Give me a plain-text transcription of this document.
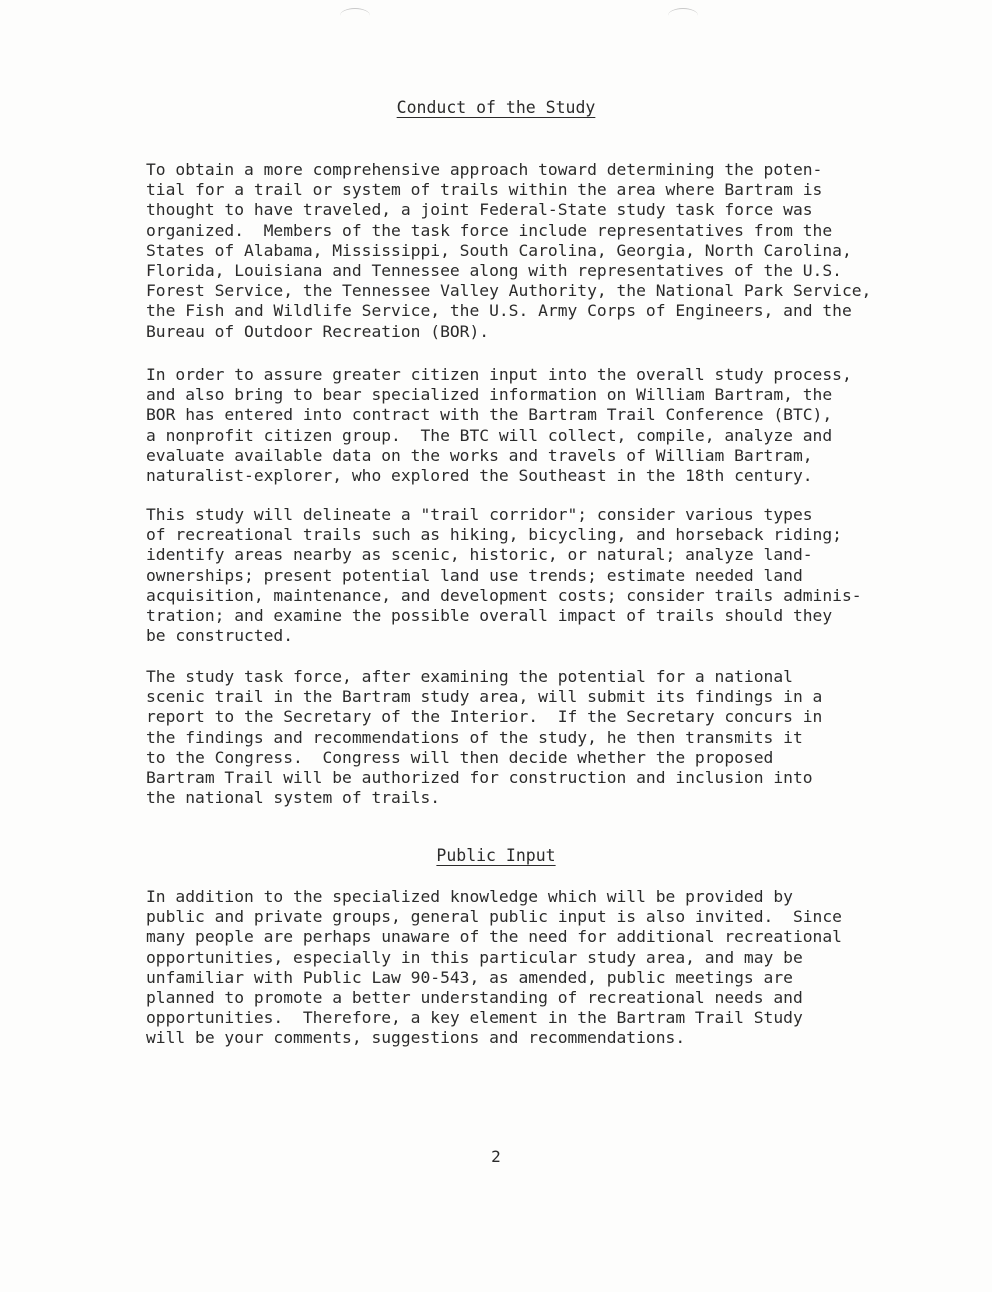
Conduct of the Study

To obtain a more comprehensive approach toward determining the poten-
tial for a trail or system of trails within the area where Bartram is
thought to have traveled, a joint Federal-State study task force was
organized.  Members of the task force include representatives from the
States of Alabama, Mississippi, South Carolina, Georgia, North Carolina,
Florida, Louisiana and Tennessee along with representatives of the U.S.
Forest Service, the Tennessee Valley Authority, the National Park Service,
the Fish and Wildlife Service, the U.S. Army Corps of Engineers, and the
Bureau of Outdoor Recreation (BOR).

In order to assure greater citizen input into the overall study process,
and also bring to bear specialized information on William Bartram, the
BOR has entered into contract with the Bartram Trail Conference (BTC),
a nonprofit citizen group.  The BTC will collect, compile, analyze and
evaluate available data on the works and travels of William Bartram,
naturalist-explorer, who explored the Southeast in the 18th century.

This study will delineate a "trail corridor"; consider various types
of recreational trails such as hiking, bicycling, and horseback riding;
identify areas nearby as scenic, historic, or natural; analyze land-
ownerships; present potential land use trends; estimate needed land
acquisition, maintenance, and development costs; consider trails adminis-
tration; and examine the possible overall impact of trails should they
be constructed.

The study task force, after examining the potential for a national
scenic trail in the Bartram study area, will submit its findings in a
report to the Secretary of the Interior.  If the Secretary concurs in
the findings and recommendations of the study, he then transmits it
to the Congress.  Congress will then decide whether the proposed
Bartram Trail will be authorized for construction and inclusion into
the national system of trails.

Public Input

In addition to the specialized knowledge which will be provided by
public and private groups, general public input is also invited.  Since
many people are perhaps unaware of the need for additional recreational
opportunities, especially in this particular study area, and may be
unfamiliar with Public Law 90-543, as amended, public meetings are
planned to promote a better understanding of recreational needs and
opportunities.  Therefore, a key element in the Bartram Trail Study
will be your comments, suggestions and recommendations.

2
